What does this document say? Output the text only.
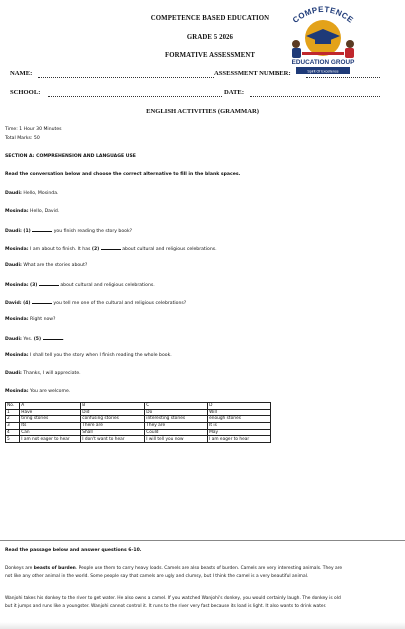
COMPETENCE BASED EDUCATION
GRADE 5 2026
FORMATIVE ASSESSMENT
COMPETENCE
EDUCATION GROUP
Spirit Of Excellence
NAME:	ASSESSMENT NUMBER:
SCHOOL:	DATE:
ENGLISH ACTIVITIES (GRAMMAR)
Time: 1 Hour 30 Minutes
Total Marks: 50
SECTION A: COMPREHENSION AND LANGUAGE USE
Read the conversation below and choose the correct alternative to fill in the blank spaces.
Daudi: Hello, Mosinda.
Mosinda: Hello, David.
Daudi: (1)	you finish reading the story book?
Mosinda: I am about to finish. It has (2)	about cultural and religious celebrations.
Daudi: What are the stories about?
Mosinda: (3)	about cultural and religious celebrations.
David: (4)	you tell me one of the cultural and religious celebrations?
Mosinda: Right now?
Daudi: Yes. (5)	.
Mosinda: I shall tell you the story when I finish reading the whole book.
Daudi: Thanks, I will appreciate.
Mosinda: You are welcome.
No.	A	B	C	D
1	Have	Did	Do	Will
2	tiring stories	confusing stories	interesting stories	enough stories
3	Its	There are	They are	It is
4	Can	Shall	Could	May
5	I am not eager to hear	I don't want to hear	I will tell you now	I am eager to hear
Read the passage below and answer questions 6-10.
Donkeys are beasts of burden. People use them to carry heavy loads. Camels are also beasts of burden. Camels are very interesting animals. They are
not like any other animal in the world. Some people say that camels are ugly and clumsy, but I think the camel is a very beautiful animal.
Wanjohi takes his donkey to the river to get water. He also owns a camel. If you watched Wanjohi's donkey, you would certainly laugh. The donkey is old
but it jumps and runs like a youngster. Wanjohi cannot control it. It runs to the river very fast because its load is light. It also wants to drink water.
